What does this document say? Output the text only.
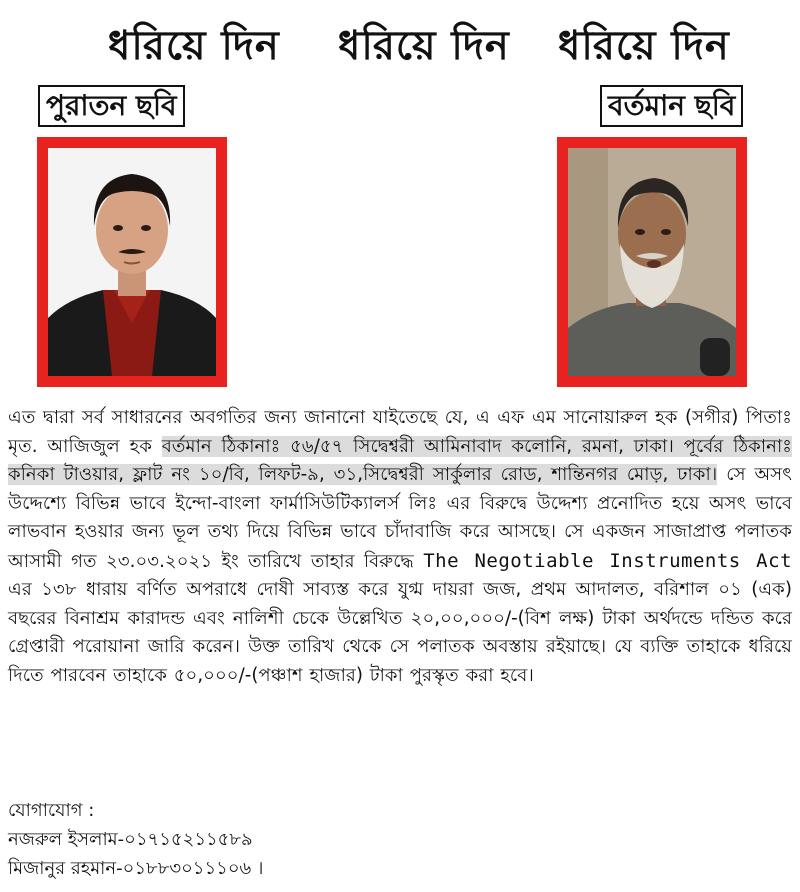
ধরিয়ে দিন ধরিয়ে দিন ধরিয়ে দিন
পুরাতন ছবি	বর্তমান ছবি

এত দ্বারা সর্ব সাধারনের অবগতির জন্য জানানো যাইতেছে যে, এ এফ এম সানোয়ারুল হক (সগীর) পিতাঃ মৃত. আজিজুল হক বর্তমান ঠিকানাঃ ৫৬/৫৭ সিদ্বেশ্বরী আমিনাবাদ কলোনি, রমনা, ঢাকা। পূর্বের ঠিকানাঃ কনিকা টাওয়ার, ফ্লাট নং ১০/বি, লিফট-৯, ৩১,সিদ্বেশ্বরী সার্কুলার রোড, শান্তিনগর মোড়, ঢাকা। সে অসৎ উদ্দেশ্যে বিভিন্ন ভাবে ইন্দো-বাংলা ফার্মাসিউটিক্যালর্স লিঃ এর বিরুদ্বে উদ্দেশ্য প্রনোদিত হয়ে অসৎ ভাবে লাভবান হওয়ার জন্য ভূল তথ্য দিয়ে বিভিন্ন ভাবে চাঁদাবাজি করে আসছে। সে একজন সাজাপ্রাপ্ত পলাতক আসামী গত ২৩.০৩.২০২১ ইং তারিখে তাহার বিরুদ্ধে The Negotiable Instruments Act এর ১৩৮ ধারায় বর্ণিত অপরাধে দোষী সাব্যস্ত করে যুগ্ম দায়রা জজ, প্রথম আদালত, বরিশাল ০১ (এক) বছরের বিনাশ্রম কারাদন্ড এবং নালিশী চেকে উল্লেখিত ২০,০০,০০০/-(বিশ লক্ষ) টাকা অর্থদন্ডে দন্ডিত করে গ্রেপ্তারী পরোয়ানা জারি করেন। উক্ত তারিখ থেকে সে পলাতক অবস্তায় রইয়াছে। যে ব্যক্তি তাহাকে ধরিয়ে দিতে পারবেন তাহাকে ৫০,০০০/-(পঞ্চাশ হাজার) টাকা পুরস্কৃত করা হবে।

যোগাযোগ :
নজরুল ইসলাম-০১৭১৫২১১৫৮৯
মিজানুর রহমান-০১৮৮৩০১১১০৬ ।
